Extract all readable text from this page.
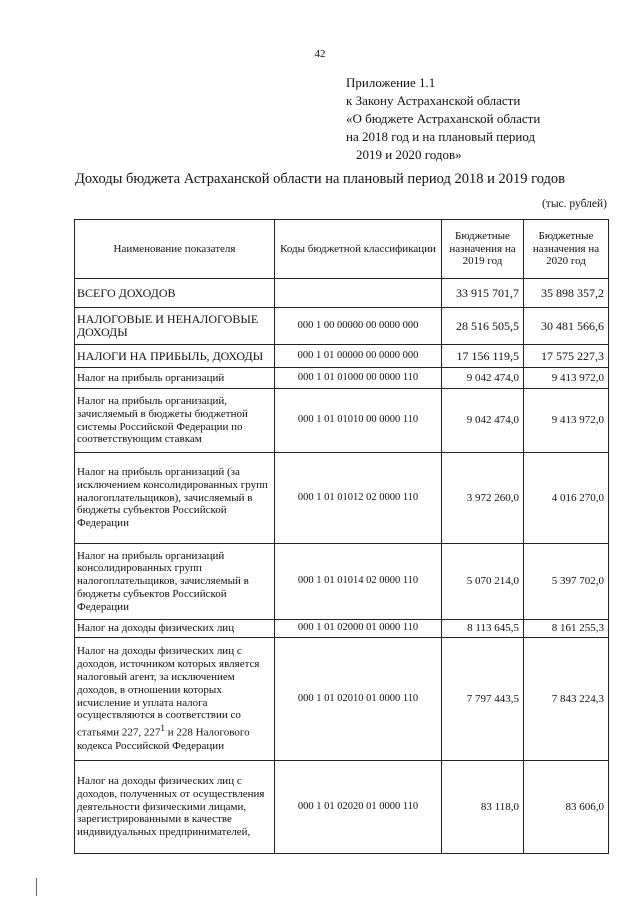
42
Приложение 1.1
к Закону Астраханской области
«О бюджете Астраханской области
на 2018 год и на плановый период
2019 и 2020 годов»
Доходы бюджета Астраханской области на плановый период 2018 и 2019 годов
(тыс. рублей)
Наименование показателя	Коды бюджетной классификации	Бюджетные назначения на 2019 год	Бюджетные назначения на 2020 год
ВСЕГО ДОХОДОВ		33 915 701,7	35 898 357,2
НАЛОГОВЫЕ И НЕНАЛОГОВЫЕ ДОХОДЫ	000 1 00 00000 00 0000 000	28 516 505,5	30 481 566,6
НАЛОГИ НА ПРИБЫЛЬ, ДОХОДЫ	000 1 01 00000 00 0000 000	17 156 119,5	17 575 227,3
Налог на прибыль организаций	000 1 01 01000 00 0000 110	9 042 474,0	9 413 972,0
Налог на прибыль организаций, зачисляемый в бюджеты бюджетной системы Российской Федерации по соответствующим ставкам	000 1 01 01010 00 0000 110	9 042 474,0	9 413 972,0
Налог на прибыль организаций (за исключением консолидированных групп налогоплательщиков), зачисляемый в бюджеты субъектов Российской Федерации	000 1 01 01012 02 0000 110	3 972 260,0	4 016 270,0
Налог на прибыль организаций консолидированных групп налогоплательщиков, зачисляемый в бюджеты субъектов Российской Федерации	000 1 01 01014 02 0000 110	5 070 214,0	5 397 702,0
Налог на доходы физических лиц	000 1 01 02000 01 0000 110	8 113 645,5	8 161 255,3
Налог на доходы физических лиц с доходов, источником которых является налоговый агент, за исключением доходов, в отношении которых исчисление и уплата налога осуществляются в соответствии со статьями 227, $227^1$ и 228 Налогового кодекса Российской Федерации	000 1 01 02010 01 0000 110	7 797 443,5	7 843 224,3
Налог на доходы физических лиц с доходов, полученных от осуществления деятельности физическими лицами, зарегистрированными в качестве индивидуальных предпринимателей,	000 1 01 02020 01 0000 110	83 118,0	83 606,0
